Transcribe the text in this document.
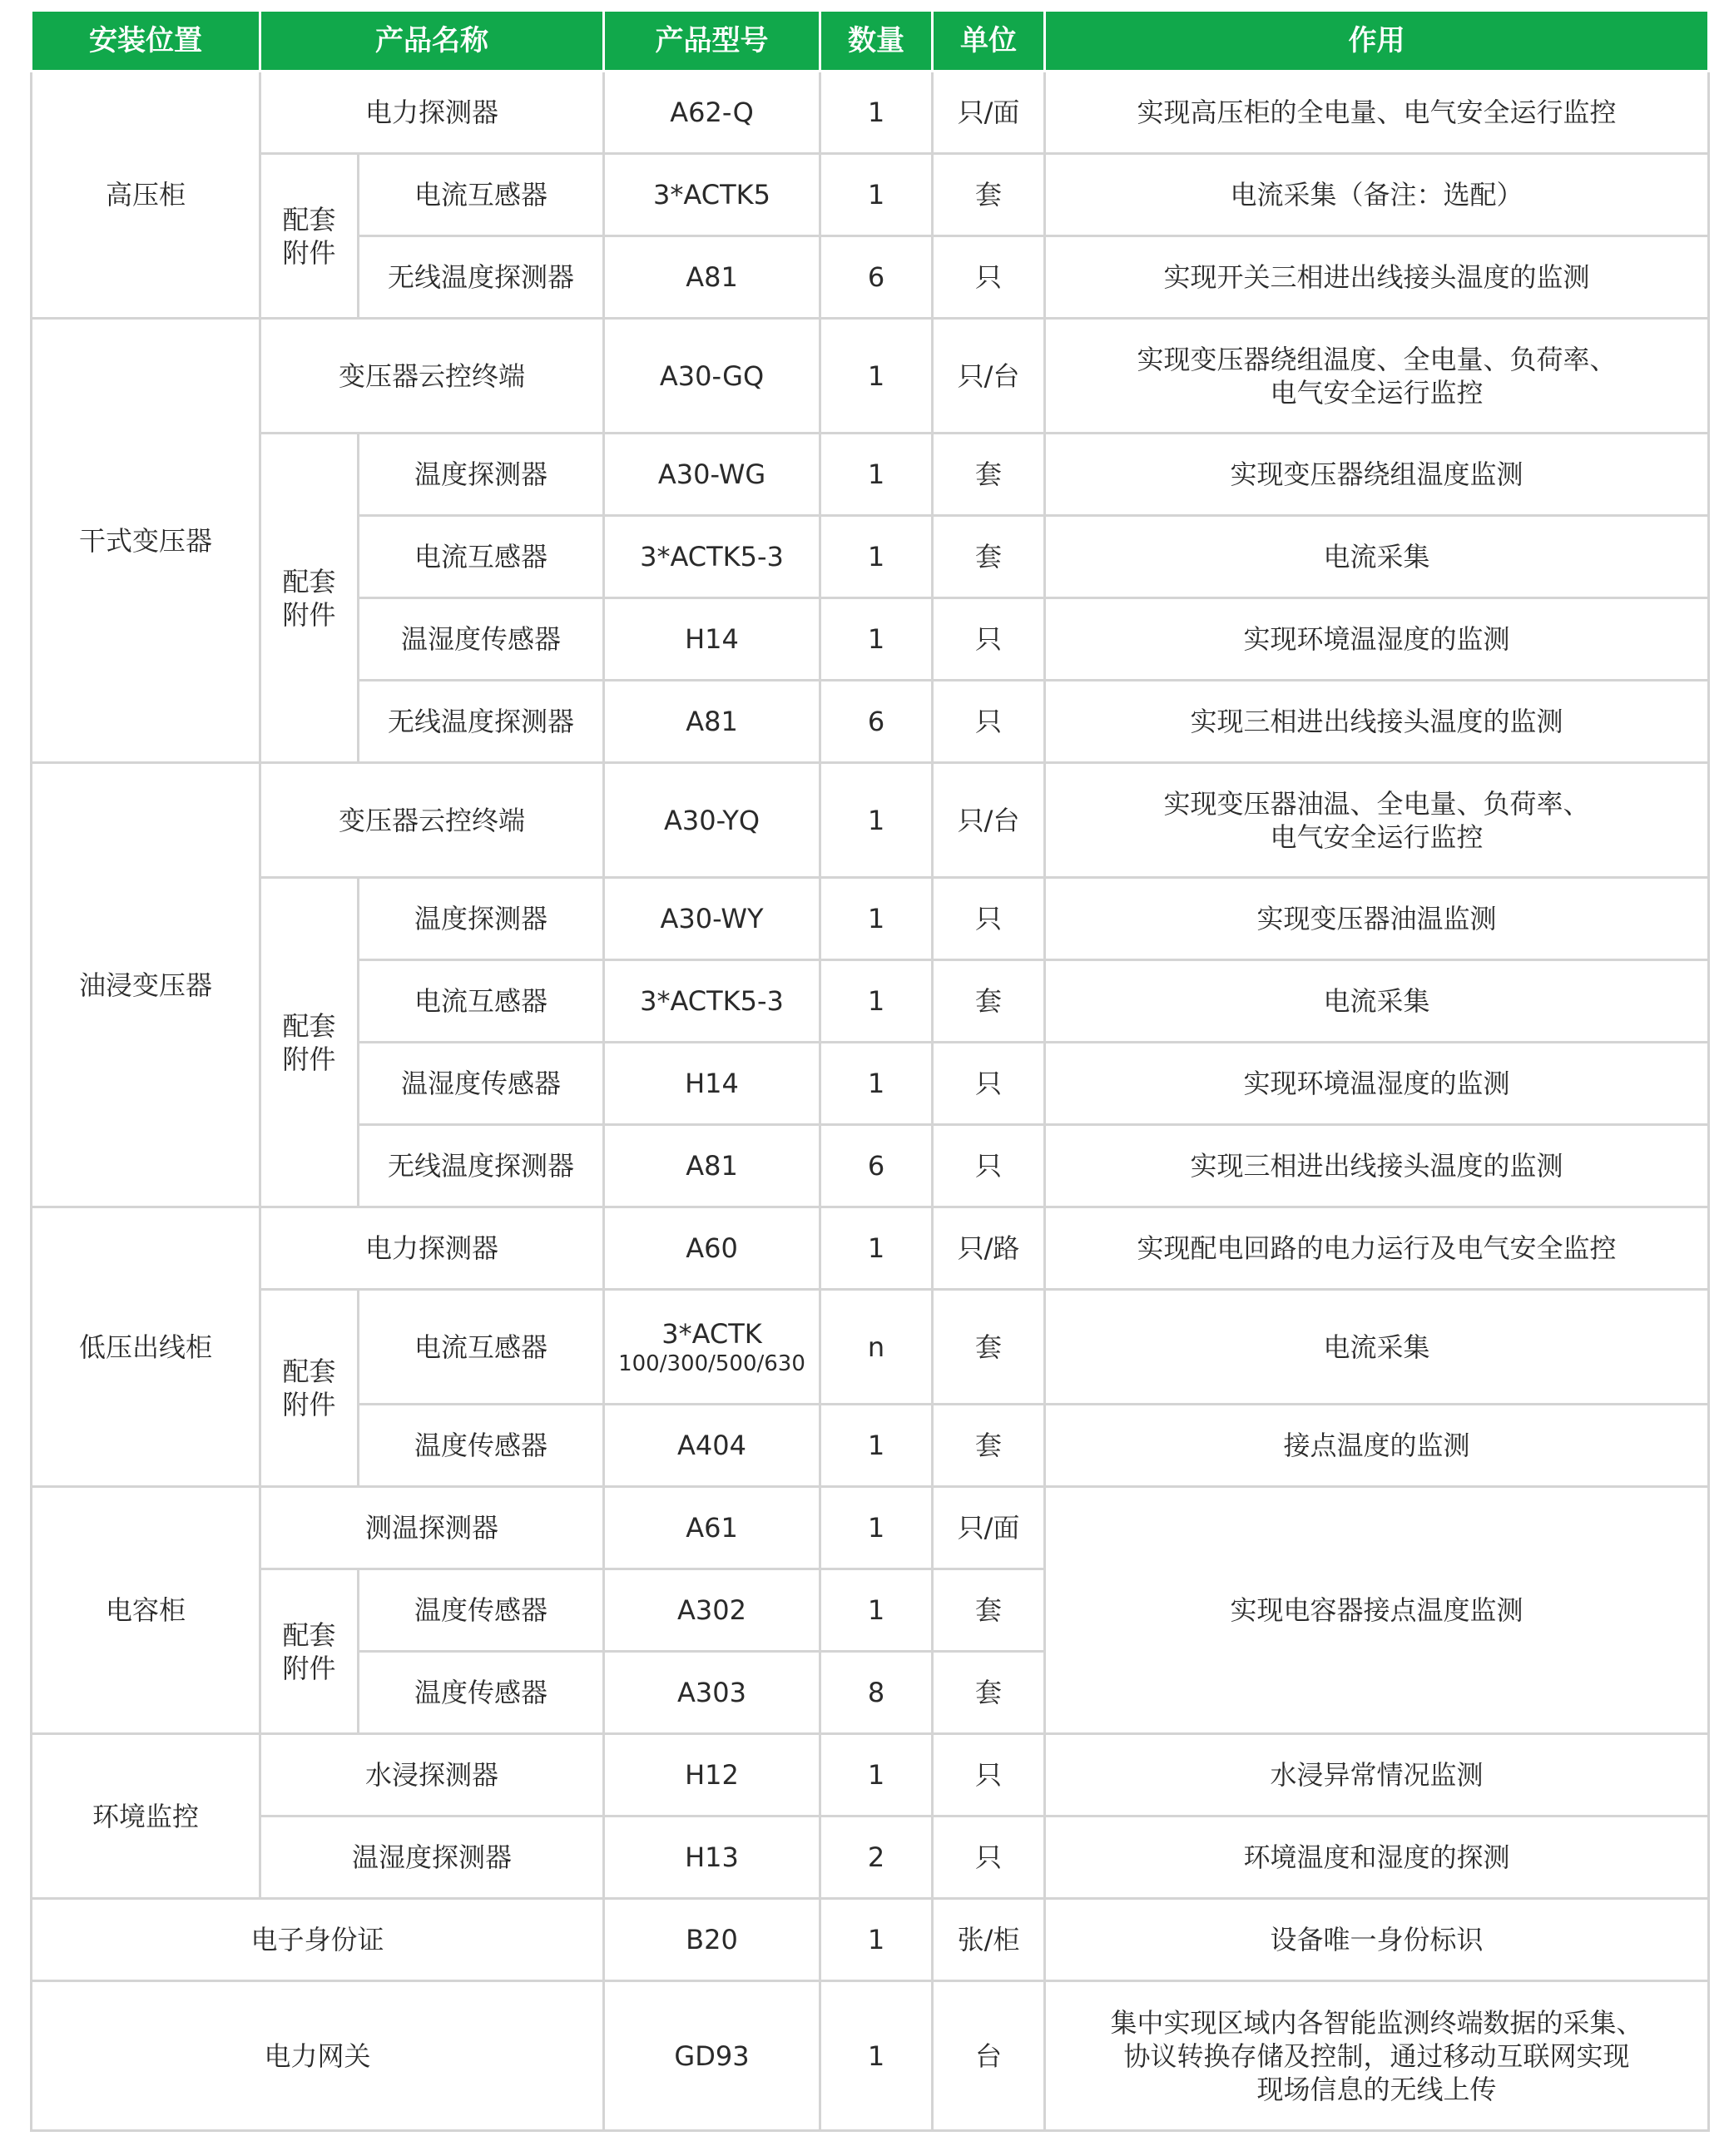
安装位置	产品名称		产品型号	数量	单位	作用
高压柜	电力探测器		A62-Q	1	只/面	实现高压柜的全电量、电气安全运行监控
	配套附件	电流互感器	3*ACTK5	1	套	电流采集（备注：选配）
		无线温度探测器	A81	6	只	实现开关三相进出线接头温度的监测
干式变压器	变压器云控终端		A30-GQ	1	只/台	实现变压器绕组温度、全电量、负荷率、
电气安全运行监控

	配套附件	温度探测器	A30-WG	1	套	实现变压器绕组温度监测
		电流互感器	3*ACTK5-3	1	套	电流采集
		温湿度传感器	H14	1	只	实现环境温湿度的监测
		无线温度探测器	A81	6	只	实现三相进出线接头温度的监测
油浸变压器	变压器云控终端		A30-YQ	1	只/台	实现变压器油温、全电量、负荷率、
电气安全运行监控

	配套附件	温度探测器	A30-WY	1	只	实现变压器油温监测
		电流互感器	3*ACTK5-3	1	套	电流采集
		温湿度传感器	H14	1	只	实现环境温湿度的监测
		无线温度探测器	A81	6	只	实现三相进出线接头温度的监测
低压出线柜	电力探测器		A60	1	只/路	实现配电回路的电力运行及电气安全监控
	配套附件	电流互感器	3*ACTK
100/300/500/630	n	套	电流采集
		温度传感器	A404	1	套	接点温度的监测
电容柜	测温探测器		A61	1	只/面	实现电容器接点温度监测
	配套附件	温度传感器	A302	1	套	
		温度传感器	A303	8	套	
环境监控	水浸探测器		H12	1	只	水浸异常情况监测
	温湿度探测器		H13	2	只	环境温度和湿度的探测
电子身份证			B20	1	张/柜	设备唯一身份标识
电力网关			GD93	1	台	集中实现区域内各智能监测终端数据的采集、
协议转换存储及控制，通过移动互联网实现
现场信息的无线上传
